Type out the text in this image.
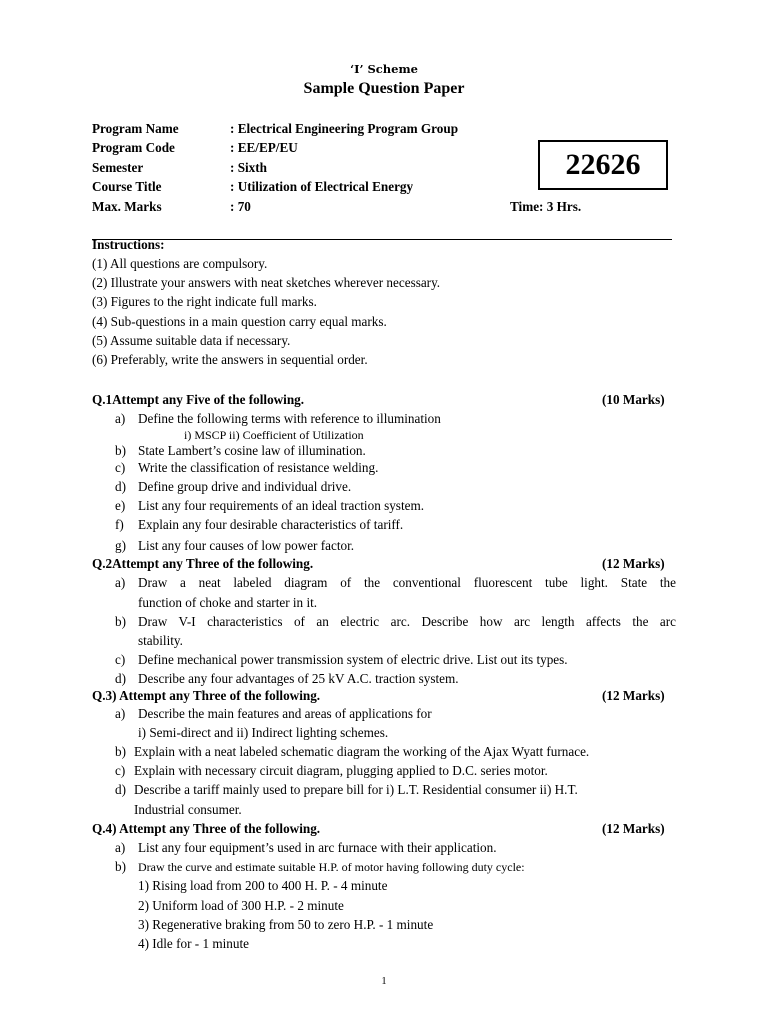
‘I’ Scheme
Sample Question Paper
Program Name	: Electrical Engineering Program Group
Program Code	: EE/EP/EU
Semester	: Sixth
Course Title	: Utilization of Electrical Energy
Max. Marks	: 70
22626
Time: 3 Hrs.
Instructions:
(1) All questions are compulsory.
(2) Illustrate your answers with neat sketches wherever necessary.
(3) Figures to the right indicate full marks.
(4) Sub-questions in a main question carry equal marks.
(5) Assume suitable data if necessary.
(6) Preferably, write the answers in sequential order.
Q.1Attempt any Five of the following.	(10 Marks)
a) Define the following terms with reference to illumination
i) MSCP ii) Coefficient of Utilization
b) State Lambert’s cosine law of illumination.
c) Write the classification of resistance welding.
d) Define group drive and individual drive.
e) List any four requirements of an ideal traction system.
f) Explain any four desirable characteristics of tariff.
g) List any four causes of low power factor.
Q.2Attempt any Three of the following.	(12 Marks)
a) Draw a neat labeled diagram of the conventional fluorescent tube light. State the
function of choke and starter in it.
b) Draw V-I characteristics of an electric arc. Describe how arc length affects the arc
stability.
c) Define mechanical power transmission system of electric drive. List out its types.
d) Describe any four advantages of 25 kV A.C. traction system.
Q.3) Attempt any Three of the following.	(12 Marks)
a) Describe the main features and areas of applications for
i) Semi-direct and ii) Indirect lighting schemes.
b) Explain with a neat labeled schematic diagram the working of the Ajax Wyatt furnace.
c) Explain with necessary circuit diagram, plugging applied to D.C. series motor.
d) Describe a tariff mainly used to prepare bill for i) L.T. Residential consumer ii) H.T.
Industrial consumer.
Q.4) Attempt any Three of the following.	(12 Marks)
a) List any four equipment’s used in arc furnace with their application.
b) Draw the curve and estimate suitable H.P. of motor having following duty cycle:
1) Rising load from 200 to 400 H. P. - 4 minute
2) Uniform load of 300 H.P. - 2 minute
3) Regenerative braking from 50 to zero H.P. - 1 minute
4) Idle for - 1 minute
1
